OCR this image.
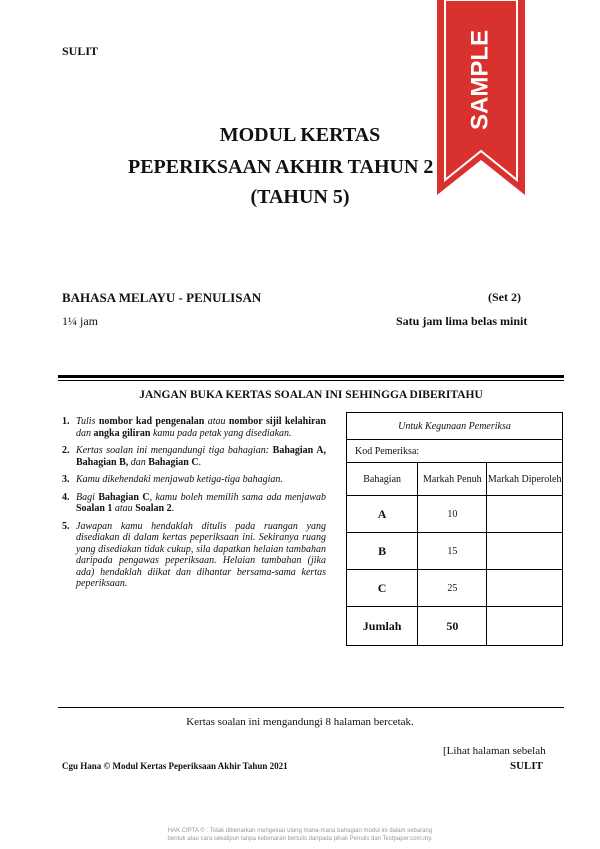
SULIT
MODUL KERTAS
PEPERIKSAAN AKHIR TAHUN 2
(TAHUN 5)
BAHASA MELAYU - PENULISAN	(Set 2)
1¼ jam	Satu jam lima belas minit
JANGAN BUKA KERTAS SOALAN INI SEHINGGA DIBERITAHU
1. Tulis nombor kad pengenalan atau nombor sijil kelahiran dan angka giliran kamu pada petak yang disediakan.
2. Kertas soalan ini mengandungi tiga bahagian: Bahagian A, Bahagian B, dan Bahagian C.
3. Kamu dikehendaki menjawab ketiga-tiga bahagian.
4. Bagi Bahagian C, kamu boleh memilih sama ada menjawab Soalan 1 atau Soalan 2.
5. Jawapan kamu hendaklah ditulis pada ruangan yang disediakan di dalam kertas peperiksaan ini. Sekiranya ruang yang disediakan tidak cukup, sila dapatkan helaian tambahan daripada pengawas peperiksaan. Helaian tambahan (jika ada) hendaklah diikat dan dihantar bersama-sama kertas peperiksaan.
Untuk Kegunaan Pemeriksa		
Kod Pemeriksa:		
Bahagian	Markah Penuh	Markah Diperoleh
A	10	
B	15	
C	25	
Jumlah	50	
Kertas soalan ini mengandungi 8 halaman bercetak.
[Lihat halaman sebelah
SULIT
Cgu Hana © Modul Kertas Peperiksaan Akhir Tahun 2021
HAK CIPTA © : Tidak dibenarkan mengeluar ulang mana-mana bahagian modul ini dalam sebarang
bentuk atau cara sekalipun tanpa kebenaran bertulis daripada pihak Penulis dan Testpaper.com.my.
SAMPLE
